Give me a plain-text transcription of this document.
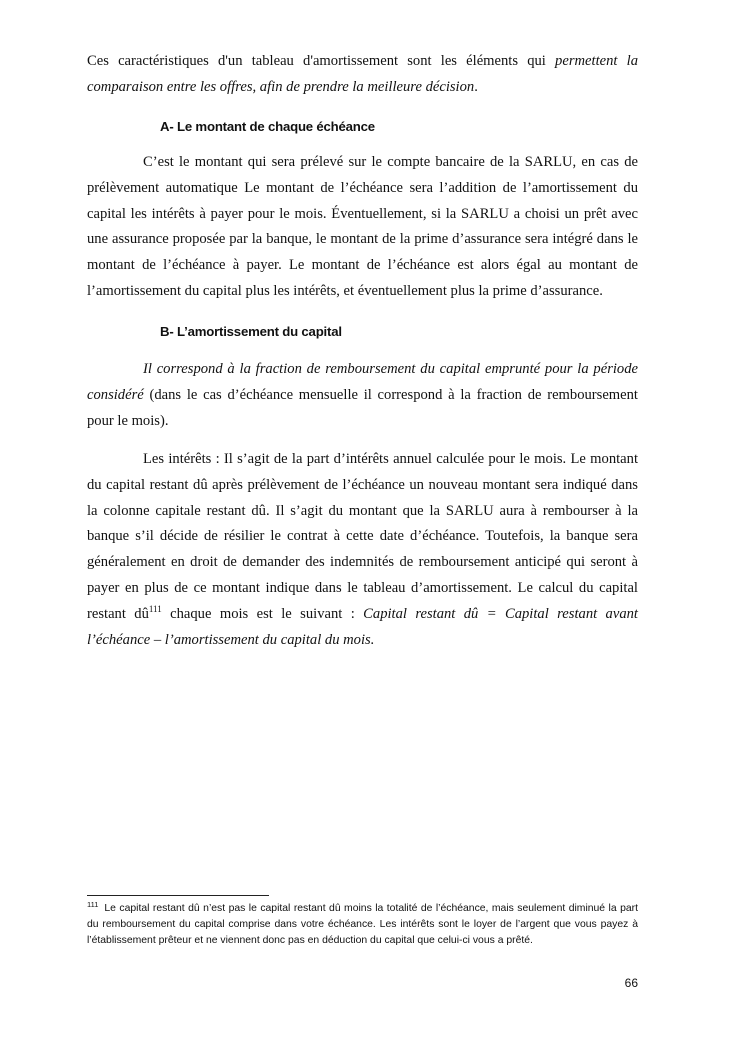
Ces caractéristiques d'un tableau d'amortissement sont les éléments qui permettent la comparaison entre les offres, afin de prendre la meilleure décision.

A- Le montant de chaque échéance

C’est le montant qui sera prélevé sur le compte bancaire de la SARLU, en cas de prélèvement automatique Le montant de l’échéance sera l’addition de l’amortissement du capital les intérêts à payer pour le mois. Éventuellement, si la SARLU a choisi un prêt avec une assurance proposée par la banque, le montant de la prime d’assurance sera intégré dans le montant de l’échéance à payer. Le montant de l’échéance est alors égal au montant de l’amortissement du capital plus les intérêts, et éventuellement plus la prime d’assurance.

B- L’amortissement du capital

Il correspond à la fraction de remboursement du capital emprunté pour la période considéré (dans le cas d’échéance mensuelle il correspond à la fraction de remboursement pour le mois).

Les intérêts : Il s’agit de la part d’intérêts annuel calculée pour le mois. Le montant du capital restant dû après prélèvement de l’échéance un nouveau montant sera indiqué dans la colonne capitale restant dû. Il s’agit du montant que la SARLU aura à rembourser à la banque s’il décide de résilier le contrat à cette date d’échéance. Toutefois, la banque sera généralement en droit de demander des indemnités de remboursement anticipé qui seront à payer en plus de ce montant indique dans le tableau d’amortissement. Le calcul du capital restant $dû^{111}$ chaque mois est le suivant : Capital restant dû = Capital restant avant l’échéance – l’amortissement du capital du mois.

$^{111}$ Le capital restant dû n’est pas le capital restant dû moins la totalité de l’échéance, mais seulement diminué la part du remboursement du capital comprise dans votre échéance. Les intérêts sont le loyer de l’argent que vous payez à l’établissement prêteur et ne viennent donc pas en déduction du capital que celui-ci vous a prêté.
66
